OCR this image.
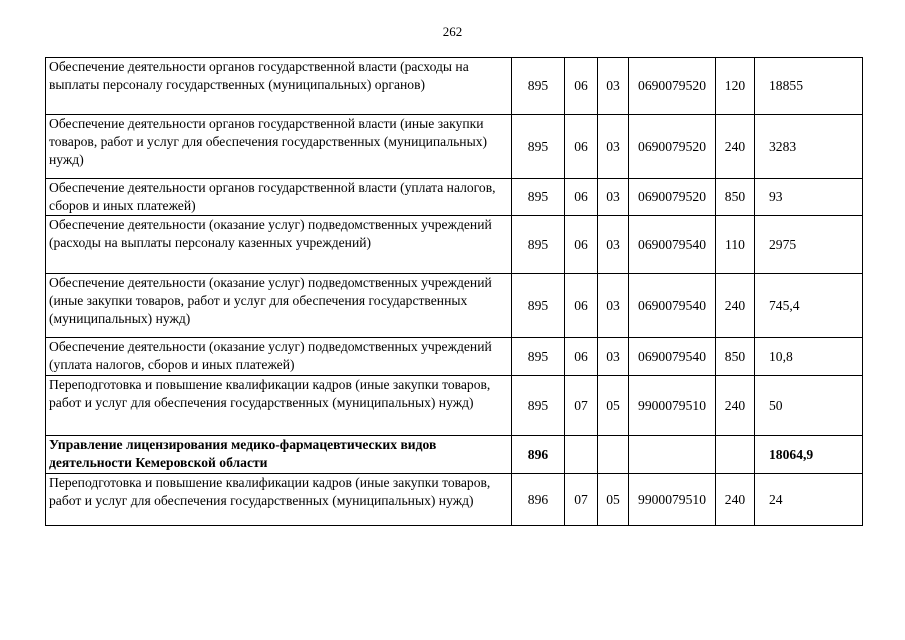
262
Обеспечение деятельности органов государственной власти (расходы на выплаты персоналу государственных (муниципальных) органов)	895	06	03	0690079520	120	18855
Обеспечение деятельности органов государственной власти (иные закупки товаров, работ и услуг для обеспечения государственных (муниципальных) нужд)	895	06	03	0690079520	240	3283
Обеспечение деятельности органов государственной власти (уплата налогов, сборов и иных платежей)	895	06	03	0690079520	850	93
Обеспечение деятельности (оказание услуг) подведомственных учреждений (расходы на выплаты персоналу казенных учреждений)	895	06	03	0690079540	110	2975
Обеспечение деятельности (оказание услуг) подведомственных учреждений (иные закупки товаров, работ и услуг для обеспечения государственных (муниципальных) нужд)	895	06	03	0690079540	240	745,4
Обеспечение деятельности (оказание услуг) подведомственных учреждений (уплата налогов, сборов и иных платежей)	895	06	03	0690079540	850	10,8
Переподготовка и повышение квалификации кадров (иные закупки товаров, работ и услуг для обеспечения государственных (муниципальных) нужд)	895	07	05	9900079510	240	50
Управление лицензирования медико-фармацевтических видов деятельности Кемеровской области	896					18064,9
Переподготовка и повышение квалификации кадров (иные закупки товаров, работ и услуг для обеспечения государственных (муниципальных) нужд)	896	07	05	9900079510	240	24
